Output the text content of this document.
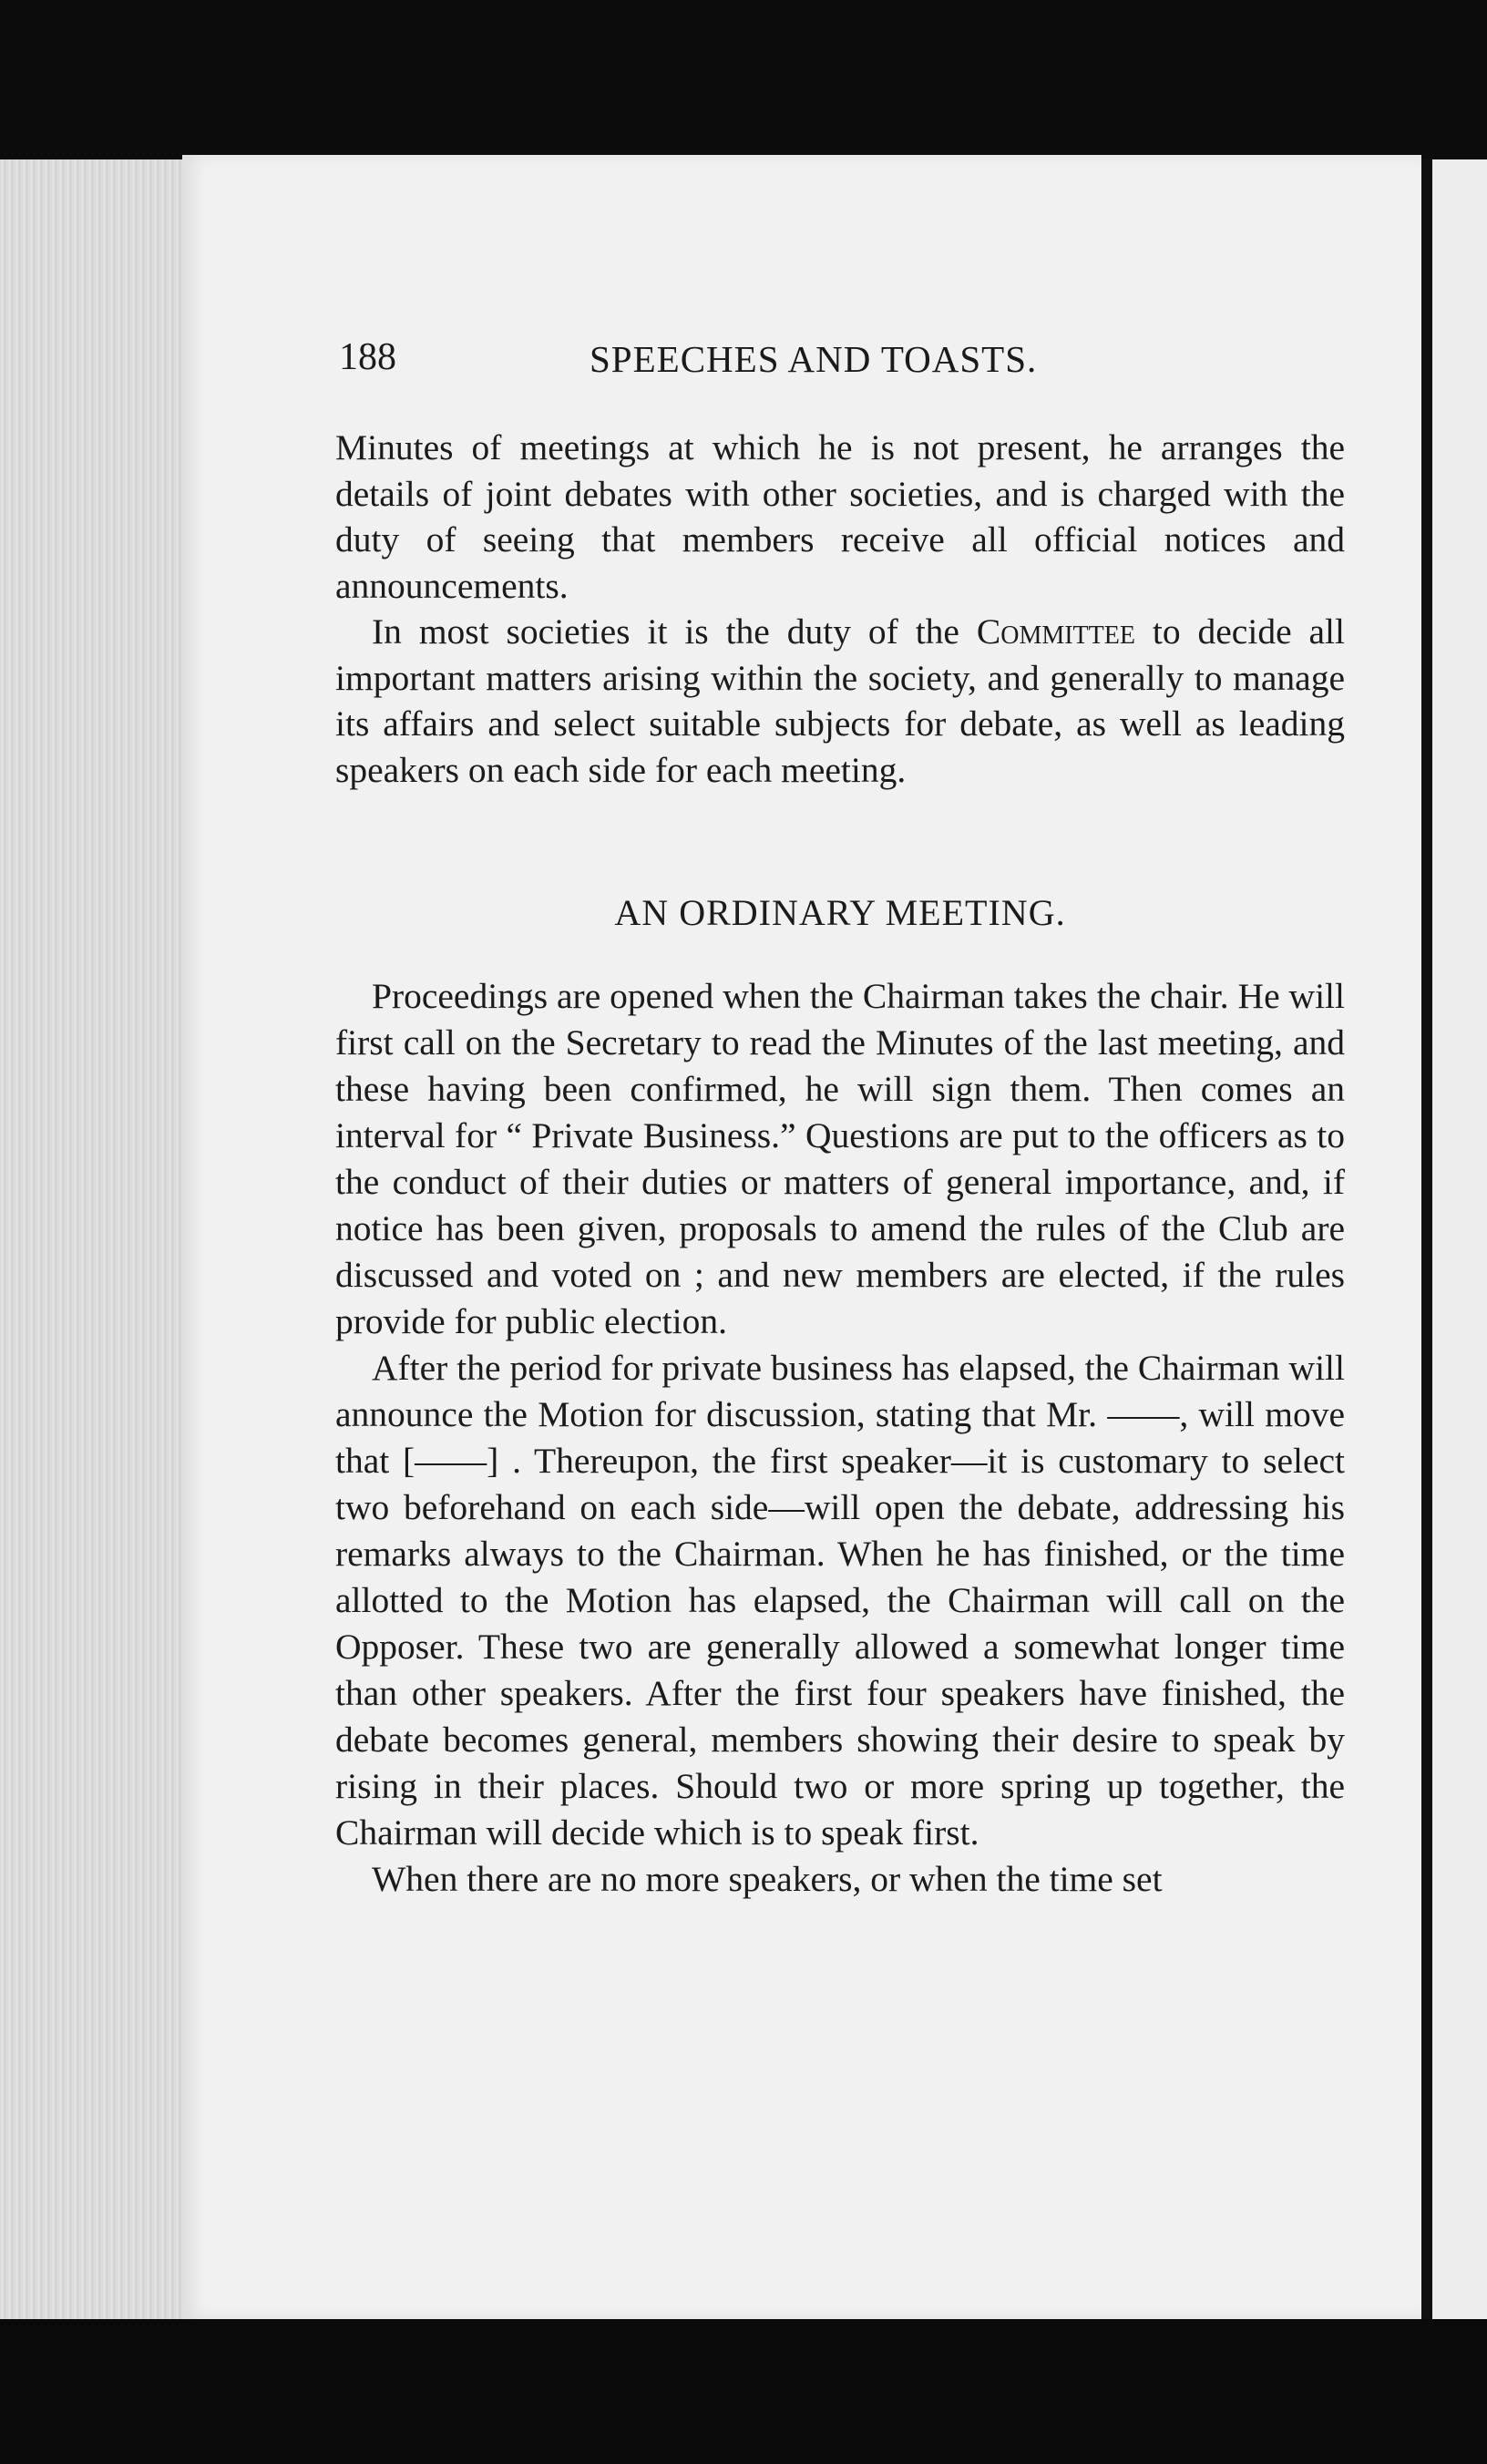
188	SPEECHES AND TOASTS.

Minutes of meetings at which he is not present, he arranges the details of joint debates with other societies, and is charged with the duty of seeing that members receive all official notices and announcements.

In most societies it is the duty of the Committee to decide all important matters arising within the society, and generally to manage its affairs and select suitable subjects for debate, as well as leading speakers on each side for each meeting.

AN ORDINARY MEETING.

Proceedings are opened when the Chairman takes the chair. He will first call on the Secretary to read the Minutes of the last meeting, and these having been confirmed, he will sign them. Then comes an interval for “ Private Business.” Questions are put to the officers as to the conduct of their duties or matters of general importance, and, if notice has been given, proposals to amend the rules of the Club are discussed and voted on ; and new members are elected, if the rules provide for public election.

After the period for private business has elapsed, the Chairman will announce the Motion for discussion, stating that Mr. ——, will move that [——] . Thereupon, the first speaker—it is customary to select two beforehand on each side—will open the debate, addressing his remarks always to the Chairman. When he has finished, or the time allotted to the Motion has elapsed, the Chairman will call on the Opposer. These two are generally allowed a somewhat longer time than other speakers. After the first four speakers have finished, the debate becomes general, members showing their desire to speak by rising in their places. Should two or more spring up together, the Chairman will decide which is to speak first.

When there are no more speakers, or when the time set
